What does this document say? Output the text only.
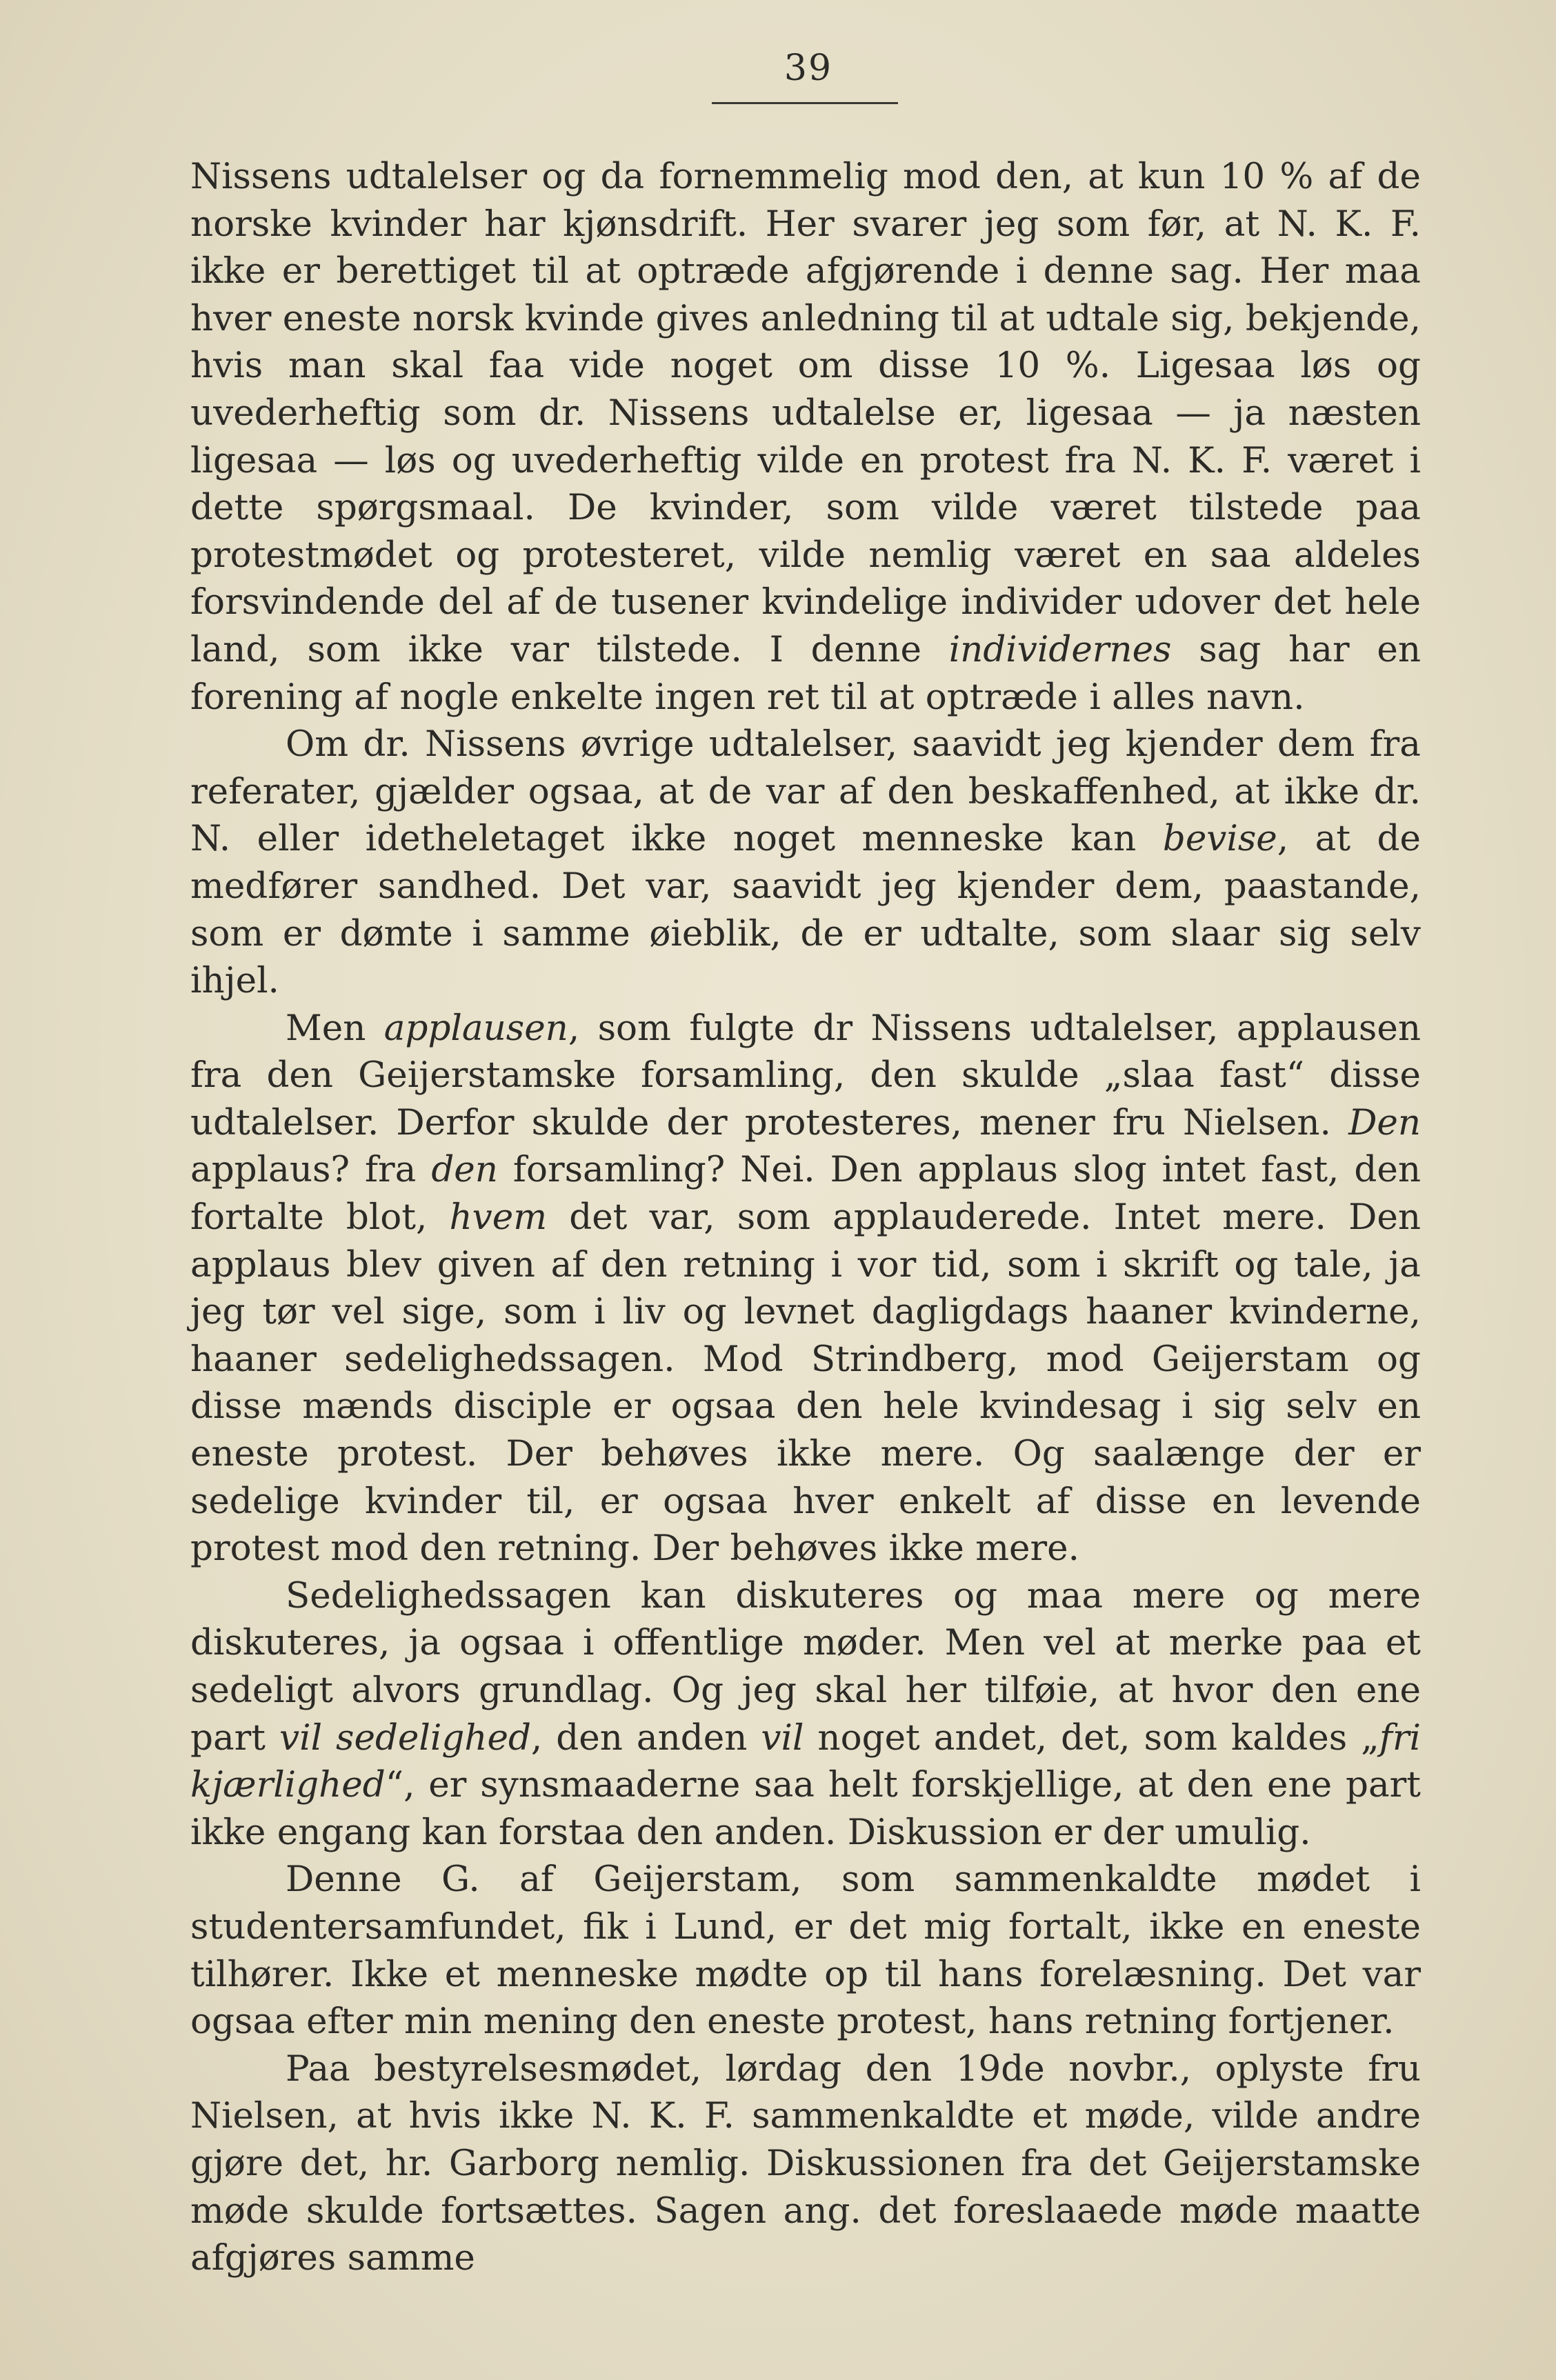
39

Nissens udtalelser og da fornemmelig mod den, at kun 10 % af de norske kvinder har kjønsdrift. Her svarer jeg som før, at N. K. F. ikke er berettiget til at optræde afgjørende i denne sag. Her maa hver eneste norsk kvinde gives anledning til at udtale sig, bekjende, hvis man skal faa vide noget om disse 10 %. Ligesaa løs og uvederheftig som dr. Nissens udtalelse er, ligesaa — ja næsten ligesaa — løs og uvederheftig vilde en protest fra N. K. F. været i dette spørgsmaal. De kvinder, som vilde været tilstede paa protestmødet og protesteret, vilde nemlig været en saa aldeles forsvindende del af de tusener kvindelige individer udover det hele land, som ikke var tilstede. I denne individernes sag har en forening af nogle enkelte ingen ret til at optræde i alles navn.

Om dr. Nissens øvrige udtalelser, saavidt jeg kjender dem fra referater, gjælder ogsaa, at de var af den beskaffenhed, at ikke dr. N. eller idetheletaget ikke noget menneske kan bevise, at de medfører sandhed. Det var, saavidt jeg kjender dem, paastande, som er dømte i samme øieblik, de er udtalte, som slaar sig selv ihjel.

Men applausen, som fulgte dr Nissens udtalelser, applausen fra den Geijerstamske forsamling, den skulde „slaa fast“ disse udtalelser. Derfor skulde der protesteres, mener fru Nielsen. Den applaus? fra den forsamling? Nei. Den applaus slog intet fast, den fortalte blot, hvem det var, som applauderede. Intet mere. Den applaus blev given af den retning i vor tid, som i skrift og tale, ja jeg tør vel sige, som i liv og levnet dagligdags haaner kvinderne, haaner sedelighedssagen. Mod Strindberg, mod Geijerstam og disse mænds disciple er ogsaa den hele kvindesag i sig selv en eneste protest. Der behøves ikke mere. Og saalænge der er sedelige kvinder til, er ogsaa hver enkelt af disse en levende protest mod den retning. Der behøves ikke mere.

Sedelighedssagen kan diskuteres og maa mere og mere diskuteres, ja ogsaa i offentlige møder. Men vel at merke paa et sedeligt alvors grundlag. Og jeg skal her tilføie, at hvor den ene part vil sedelighed, den anden vil noget andet, det, som kaldes „fri kjærlighed“, er synsmaaderne saa helt forskjellige, at den ene part ikke engang kan forstaa den anden. Diskussion er der umulig.

Denne G. af Geijerstam, som sammenkaldte mødet i studentersamfundet, fik i Lund, er det mig fortalt, ikke en eneste tilhører. Ikke et menneske mødte op til hans forelæsning. Det var ogsaa efter min mening den eneste protest, hans retning fortjener.

Paa bestyrelsesmødet, lørdag den 19de novbr., oplyste fru Nielsen, at hvis ikke N. K. F. sammenkaldte et møde, vilde andre gjøre det, hr. Garborg nemlig. Diskussionen fra det Geijerstamske møde skulde fortsættes. Sagen ang. det foreslaaede møde maatte afgjøres samme
